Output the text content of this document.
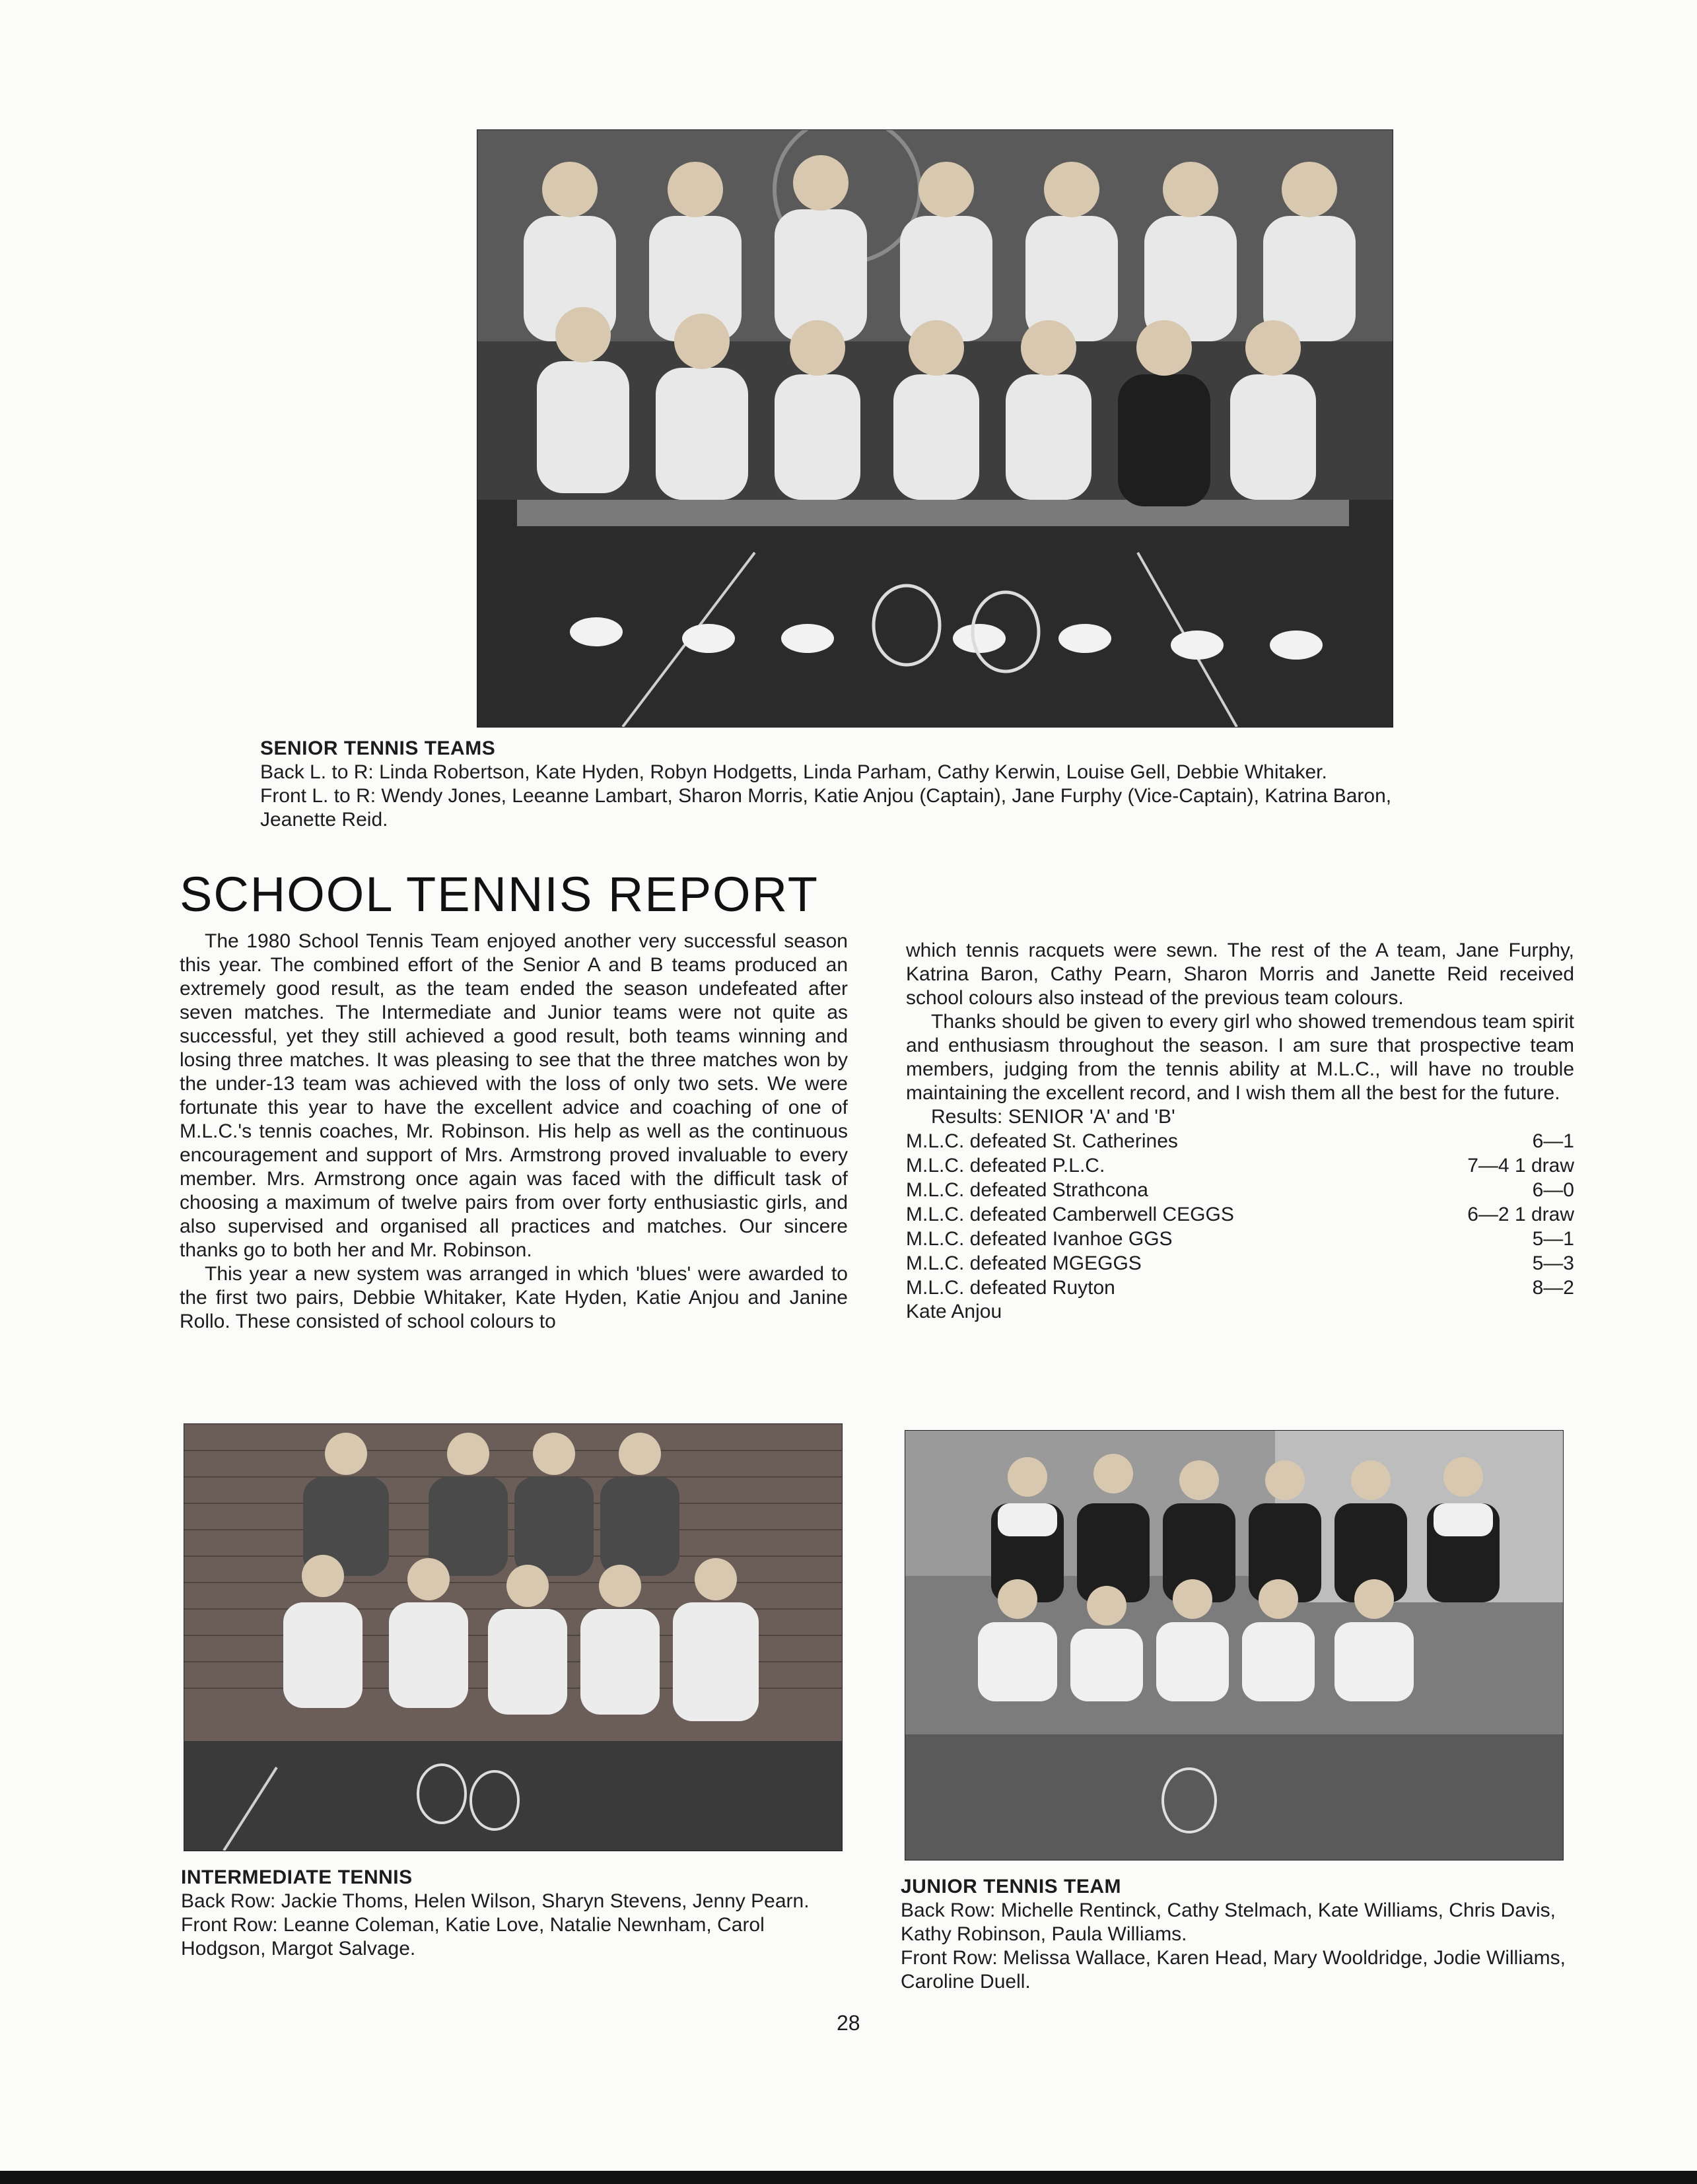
SENIOR TENNIS TEAMS

Back L. to R: Linda Robertson, Kate Hyden, Robyn Hodgetts, Linda Parham, Cathy Kerwin, Louise Gell, Debbie Whitaker.

Front L. to R: Wendy Jones, Leeanne Lambart, Sharon Morris, Katie Anjou (Captain), Jane Furphy (Vice-Captain), Katrina Baron, Jeanette Reid.

SCHOOL TENNIS REPORT

The 1980 School Tennis Team enjoyed another very successful season this year. The combined effort of the Senior A and B teams produced an extremely good result, as the team ended the season undefeated after seven matches. The Intermediate and Junior teams were not quite as successful, yet they still achieved a good result, both teams winning and losing three matches. It was pleasing to see that the three matches won by the under-13 team was achieved with the loss of only two sets. We were fortunate this year to have the excellent advice and coaching of one of M.L.C.'s tennis coaches, Mr. Robinson. His help as well as the continuous encouragement and support of Mrs. Armstrong proved invaluable to every member. Mrs. Armstrong once again was faced with the difficult task of choosing a maximum of twelve pairs from over forty enthusiastic girls, and also supervised and organised all practices and matches. Our sincere thanks go to both her and Mr. Robinson.

This year a new system was arranged in which 'blues' were awarded to the first two pairs, Debbie Whitaker, Kate Hyden, Katie Anjou and Janine Rollo. These consisted of school colours to

which tennis racquets were sewn. The rest of the A team, Jane Furphy, Katrina Baron, Cathy Pearn, Sharon Morris and Janette Reid received school colours also instead of the previous team colours.

Thanks should be given to every girl who showed tremendous team spirit and enthusiasm throughout the season. I am sure that prospective team members, judging from the tennis ability at M.L.C., will have no trouble maintaining the excellent record, and I wish them all the best for the future.

Results: SENIOR 'A' and 'B'

M.L.C. defeated St. Catherines	6—1
M.L.C. defeated P.L.C.	7—4 1 draw
M.L.C. defeated Strathcona	6—0
M.L.C. defeated Camberwell CEGGS	6—2 1 draw
M.L.C. defeated Ivanhoe GGS	5—1
M.L.C. defeated MGEGGS	5—3
M.L.C. defeated Ruyton	8—2

Kate Anjou

INTERMEDIATE TENNIS

Back Row: Jackie Thoms, Helen Wilson, Sharyn Stevens, Jenny Pearn.

Front Row: Leanne Coleman, Katie Love, Natalie Newnham, Carol Hodgson, Margot Salvage.

JUNIOR TENNIS TEAM

Back Row: Michelle Rentinck, Cathy Stelmach, Kate Williams, Chris Davis, Kathy Robinson, Paula Williams.

Front Row: Melissa Wallace, Karen Head, Mary Wooldridge, Jodie Williams, Caroline Duell.

28
